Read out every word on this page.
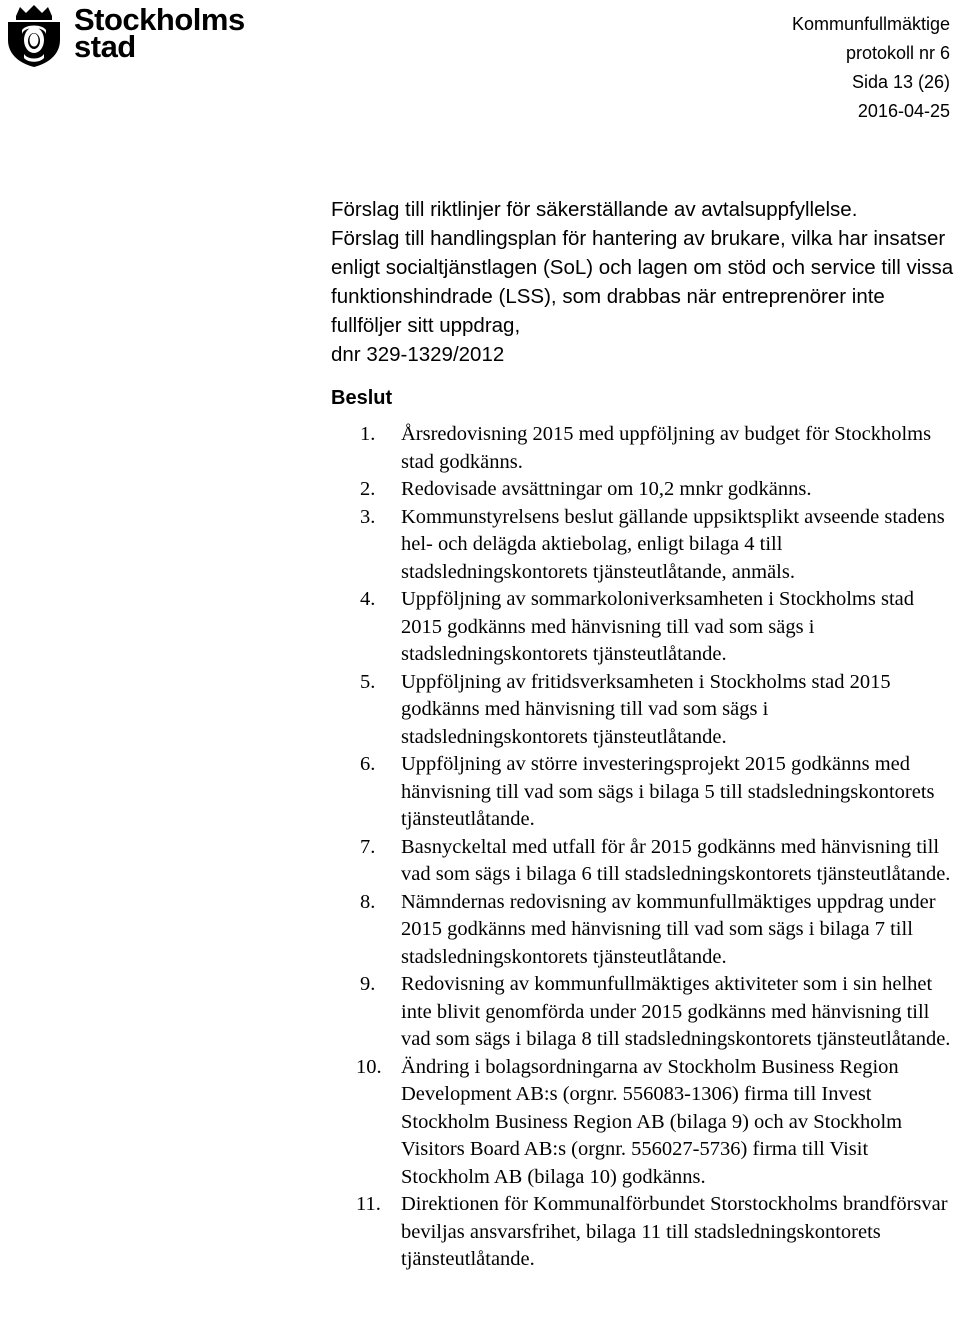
Stockholms
stad
Kommunfullmäktige
protokoll nr 6
Sida 13 (26)
2016-04-25

Förslag till riktlinjer för säkerställande av avtalsuppfyllelse.

Förslag till handlingsplan för hantering av brukare, vilka har insatser enligt socialtjänstlagen (SoL) och lagen om stöd och service till vissa funktionshindrade (LSS), som drabbas när entreprenörer inte fullföljer sitt uppdrag,

dnr 329-1329/2012

Beslut
1.	Årsredovisning 2015 med uppföljning av budget för Stockholms stad godkänns.
2.	Redovisade avsättningar om 10,2 mnkr godkänns.
3.	Kommunstyrelsens beslut gällande uppsiktsplikt avseende stadens hel- och delägda aktiebolag, enligt bilaga 4 till stadsledningskontorets tjänsteutlåtande, anmäls.
4.	Uppföljning av sommarkoloniverksamheten i Stockholms stad 2015 godkänns med hänvisning till vad som sägs i stadsledningskontorets tjänsteutlåtande.
5.	Uppföljning av fritidsverksamheten i Stockholms stad 2015 godkänns med hänvisning till vad som sägs i stadsledningskontorets tjänsteutlåtande.
6.	Uppföljning av större investeringsprojekt 2015 godkänns med hänvisning till vad som sägs i bilaga 5 till stadsledningskontorets tjänsteutlåtande.
7.	Basnyckeltal med utfall för år 2015 godkänns med hänvisning till vad som sägs i bilaga 6 till stadsledningskontorets tjänsteutlåtande.
8.	Nämndernas redovisning av kommunfullmäktiges uppdrag under 2015 godkänns med hänvisning till vad som sägs i bilaga 7 till stadsledningskontorets tjänsteutlåtande.
9.	Redovisning av kommunfullmäktiges aktiviteter som i sin helhet inte blivit genomförda under 2015 godkänns med hänvisning till vad som sägs i bilaga 8 till stadsledningskontorets tjänsteutlåtande.
10. Ändring i bolagsordningarna av Stockholm Business Region Development AB:s (orgnr. 556083-1306) firma till Invest Stockholm Business Region AB (bilaga 9) och av Stockholm Visitors Board AB:s (orgnr. 556027-5736) firma till Visit Stockholm AB (bilaga 10) godkänns.
11. Direktionen för Kommunalförbundet Storstockholms brandförsvar beviljas ansvarsfrihet, bilaga 11 till stadsledningskontorets tjänsteutlåtande.
